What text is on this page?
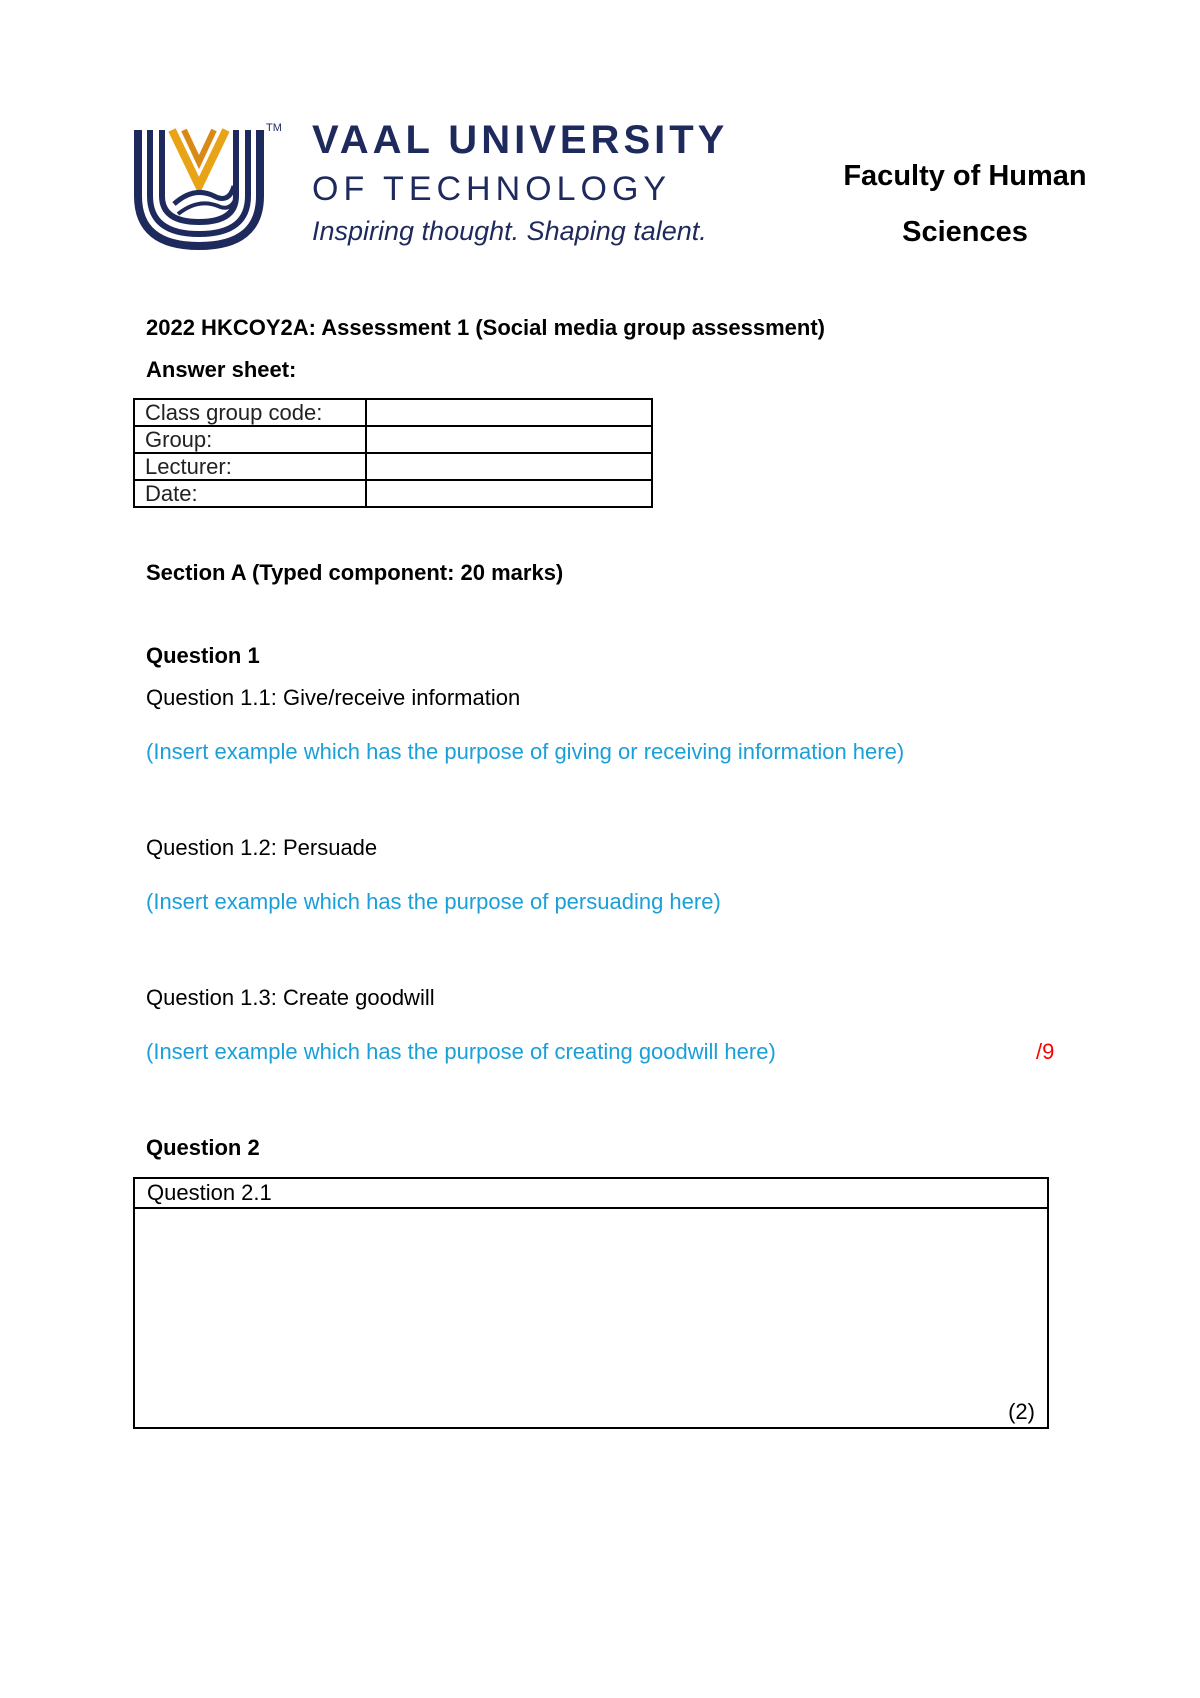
TM VAAL UNIVERSITY
OF TECHNOLOGY
Inspiring thought. Shaping talent.
Faculty of Human
Sciences
2022 HKCOY2A: Assessment 1 (Social media group assessment)
Answer sheet:
Class group code:	
Group:	
Lecturer:	
Date:	
Section A (Typed component: 20 marks)
Question 1
Question 1.1: Give/receive information
(Insert example which has the purpose of giving or receiving information here)
Question 1.2: Persuade
(Insert example which has the purpose of persuading here)
Question 1.3: Create goodwill
(Insert example which has the purpose of creating goodwill here)	/9
Question 2
Question 2.1
(2)
